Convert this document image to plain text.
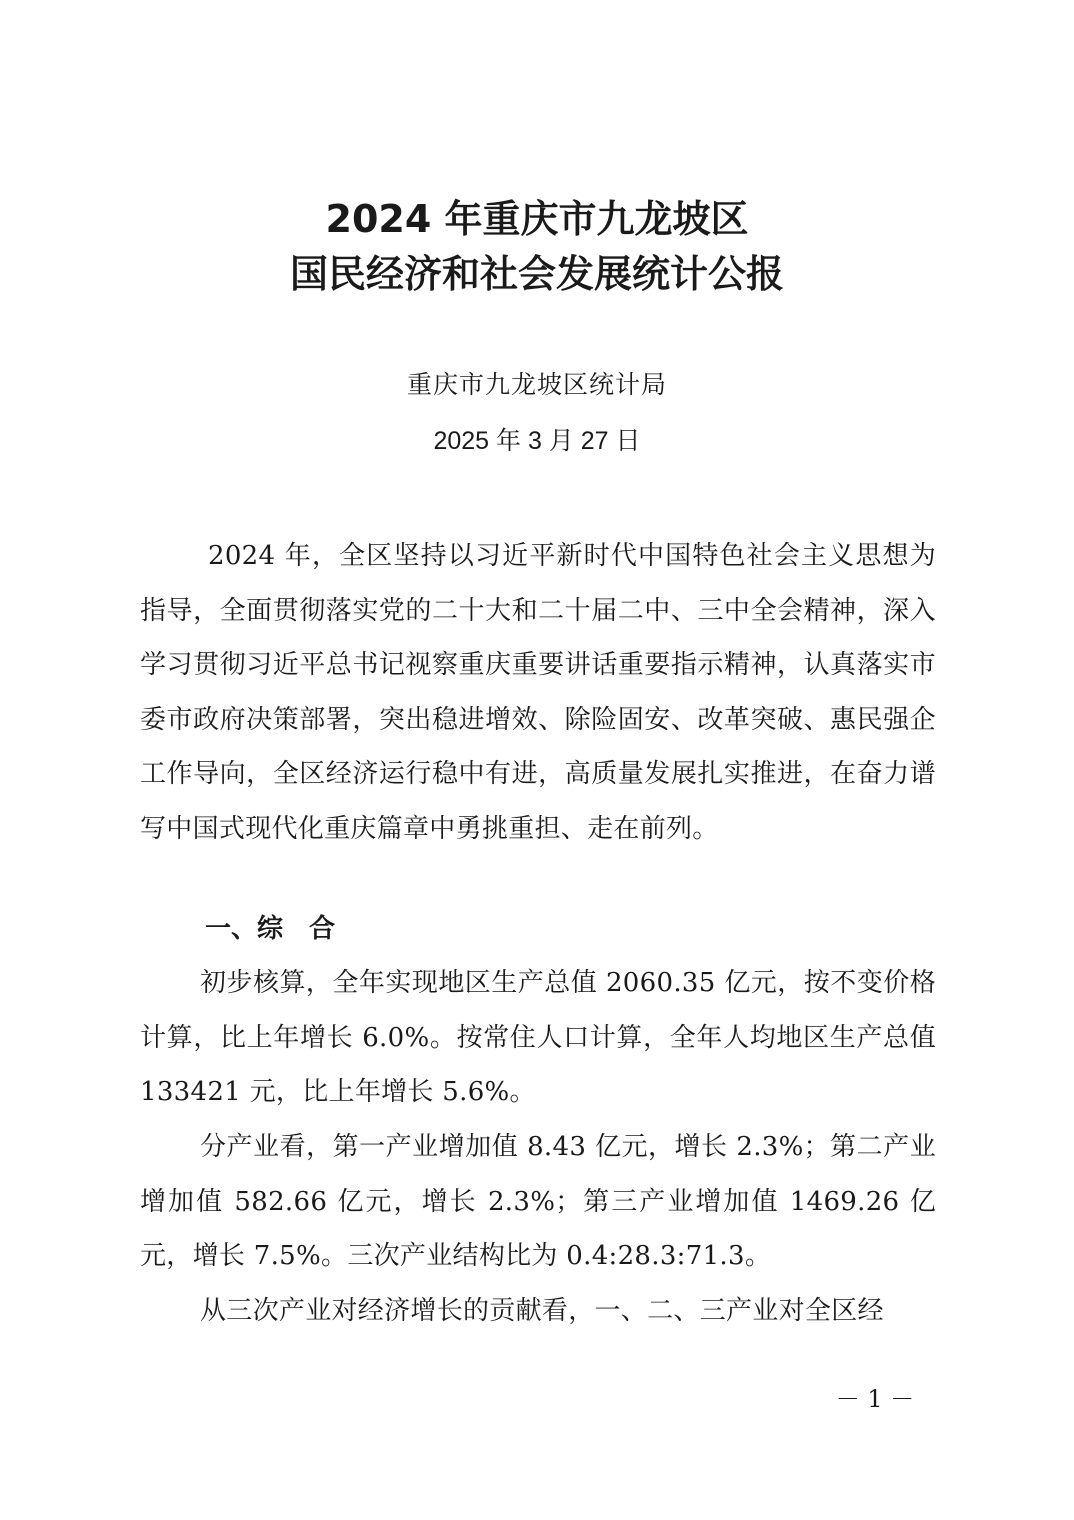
2024 年重庆市九龙坡区
国民经济和社会发展统计公报
重庆市九龙坡区统计局
2025 年 3 月 27 日
2024 年，全区坚持以习近平新时代中国特色社会主义思想为指导，全面贯彻落实党的二十大和二十届二中、三中全会精神，深入学习贯彻习近平总书记视察重庆重要讲话重要指示精神，认真落实市委市政府决策部署，突出稳进增效、除险固安、改革突破、惠民强企工作导向，全区经济运行稳中有进，高质量发展扎实推进，在奋力谱写中国式现代化重庆篇章中勇挑重担、走在前列。
一、综　合
初步核算，全年实现地区生产总值 2060.35 亿元，按不变价格计算，比上年增长 6.0%。按常住人口计算，全年人均地区生产总值 133421 元，比上年增长 5.6%。
分产业看，第一产业增加值 8.43 亿元，增长 2.3%；第二产业增加值 582.66 亿元，增长 2.3%；第三产业增加值 1469.26 亿元，增长 7.5%。三次产业结构比为 0.4:28.3:71.3。
从三次产业对经济增长的贡献看，一、二、三产业对全区经
－ 1 －
